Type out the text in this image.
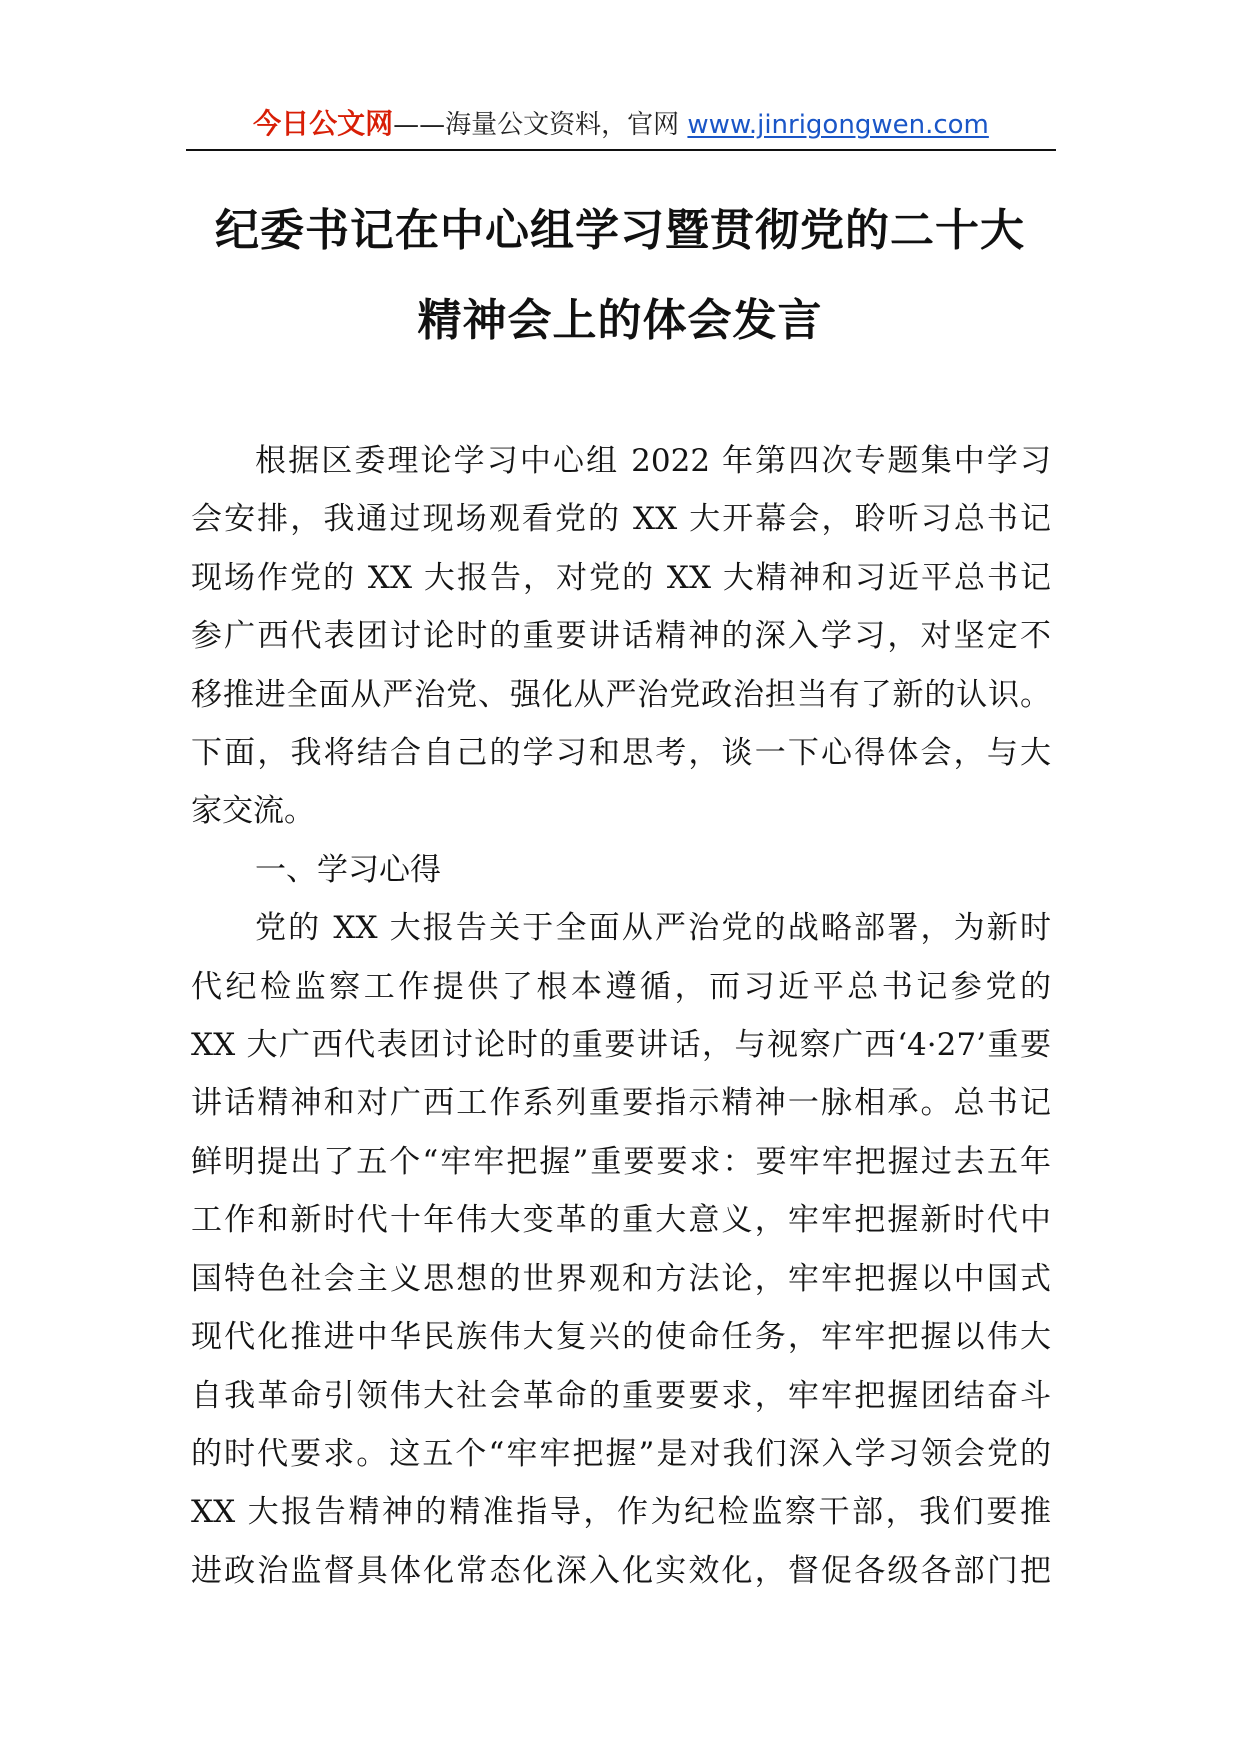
今日公文网——海量公文资料，官网 www.jinrigongwen.com
纪委书记在中心组学习暨贯彻党的二十大
精神会上的体会发言
根据区委理论学习中心组 2022 年第四次专题集中学习
会安排，我通过现场观看党的 XX 大开幕会，聆听习总书记
现场作党的 XX 大报告，对党的 XX 大精神和习近平总书记
参广西代表团讨论时的重要讲话精神的深入学习，对坚定不
移推进全面从严治党、强化从严治党政治担当有了新的认识。
下面，我将结合自己的学习和思考，谈一下心得体会，与大
家交流。
一、学习心得
党的 XX 大报告关于全面从严治党的战略部署，为新时
代纪检监察工作提供了根本遵循，而习近平总书记参党的
XX 大广西代表团讨论时的重要讲话，与视察广西‘4·27’重要
讲话精神和对广西工作系列重要指示精神一脉相承。总书记
鲜明提出了五个“牢牢把握”重要要求：要牢牢把握过去五年
工作和新时代十年伟大变革的重大意义，牢牢把握新时代中
国特色社会主义思想的世界观和方法论，牢牢把握以中国式
现代化推进中华民族伟大复兴的使命任务，牢牢把握以伟大
自我革命引领伟大社会革命的重要要求，牢牢把握团结奋斗
的时代要求。这五个“牢牢把握”是对我们深入学习领会党的
XX 大报告精神的精准指导，作为纪检监察干部，我们要推
进政治监督具体化常态化深入化实效化，督促各级各部门把
